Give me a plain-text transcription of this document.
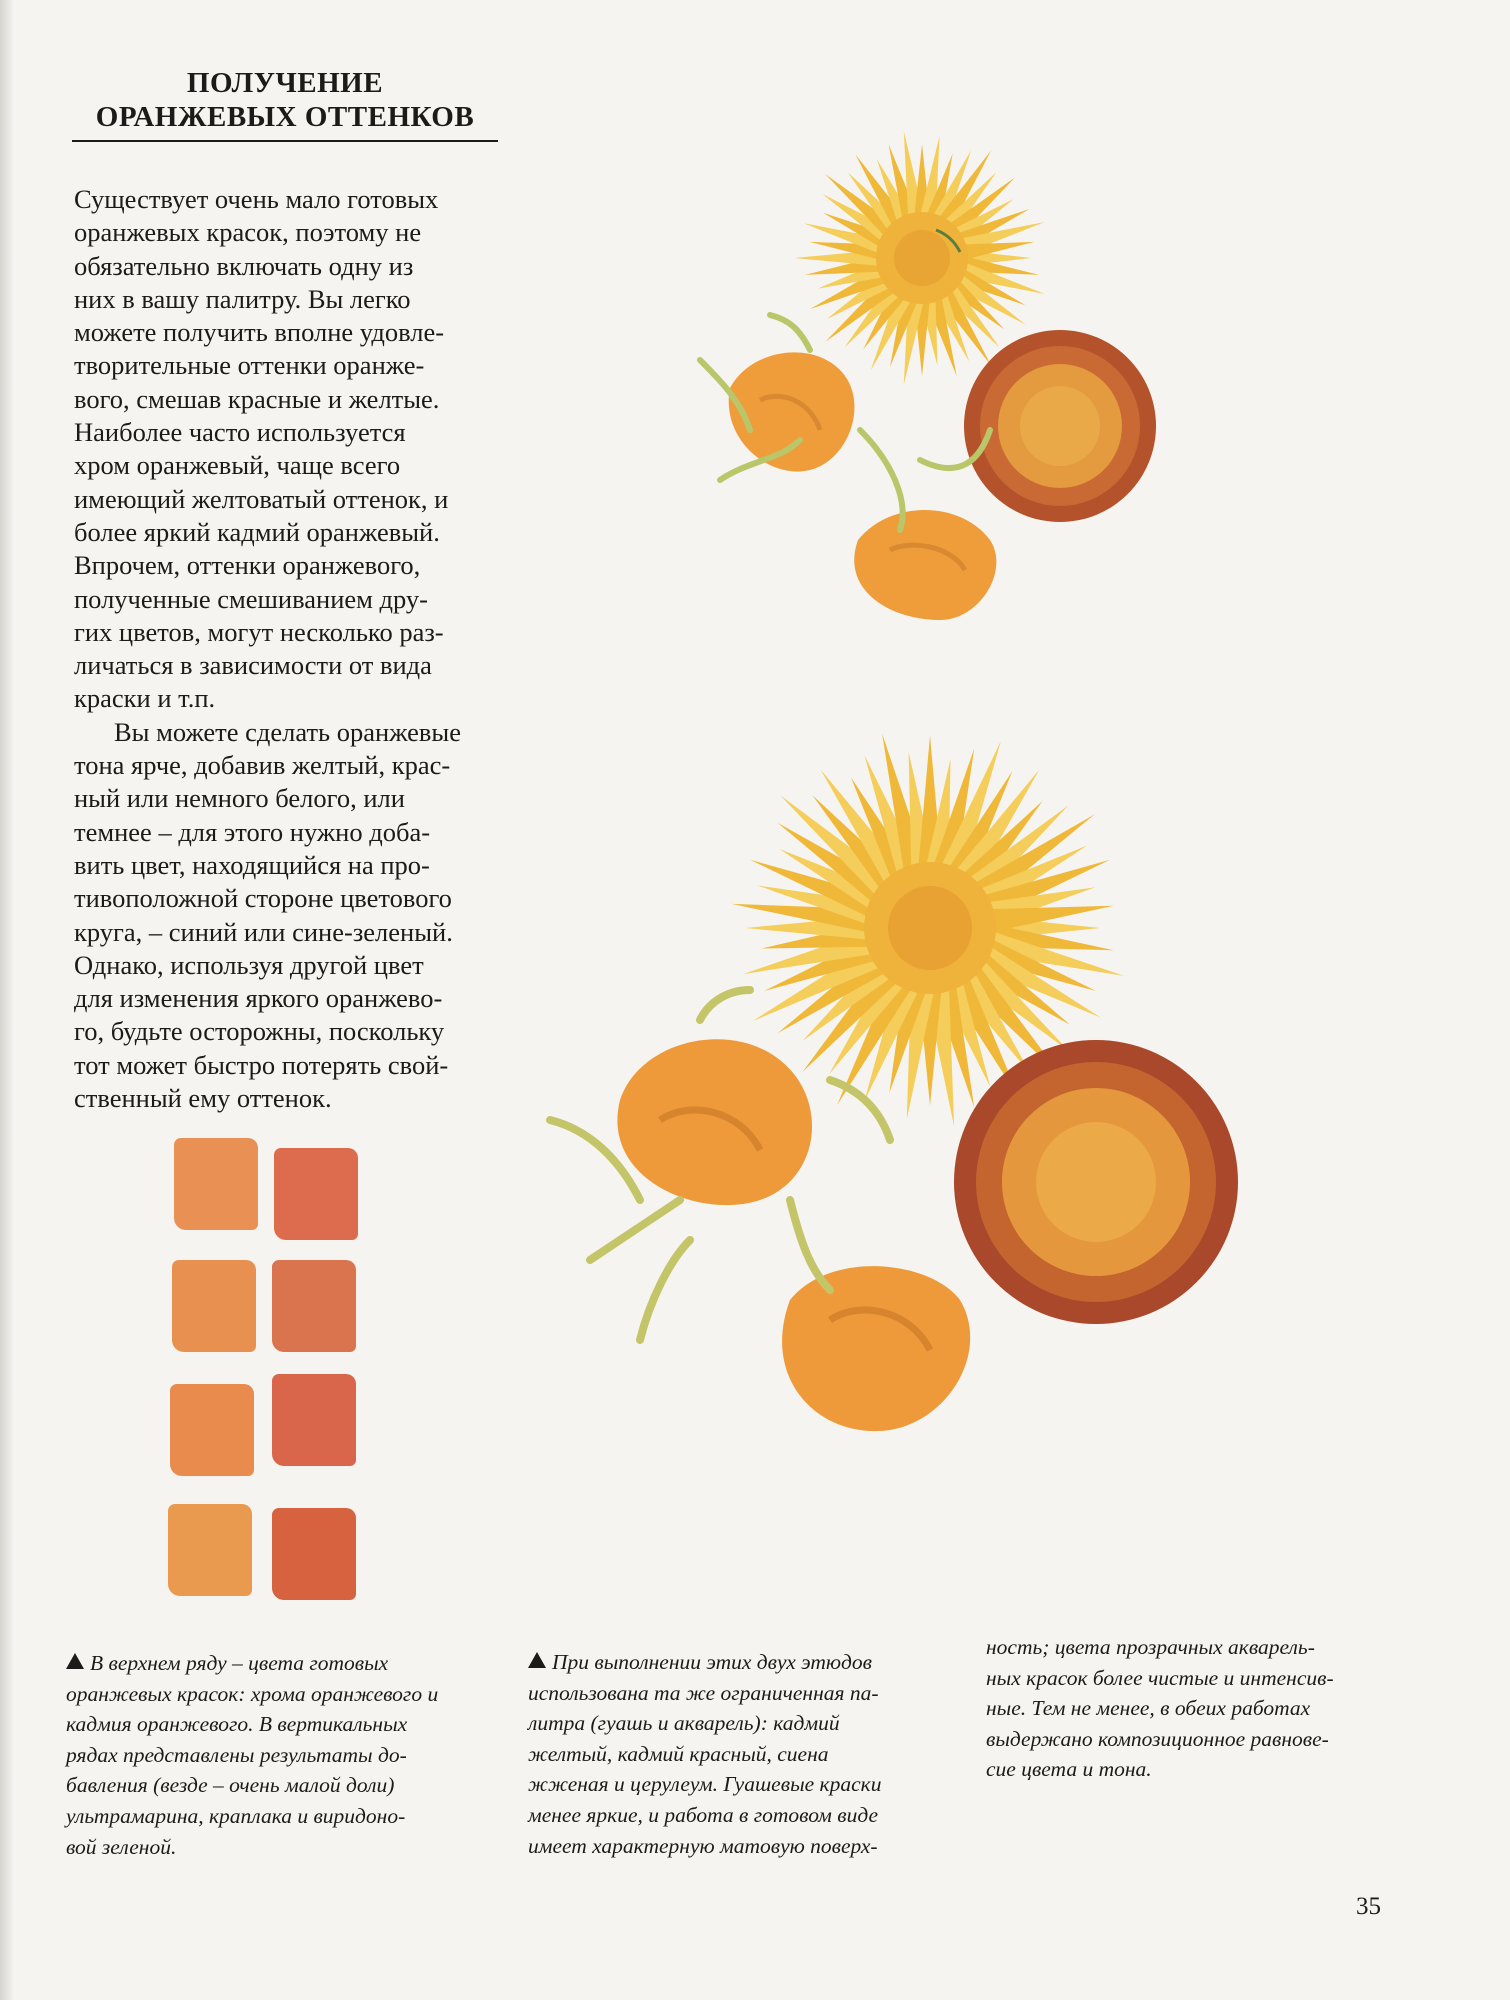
ПОЛУЧЕНИЕ
ОРАНЖЕВЫХ ОТТЕНКОВ

Существует очень мало готовых
оранжевых красок, поэтому не
обязательно включать одну из
них в вашу палитру. Вы легко
можете получить вполне удовле-
творительные оттенки оранже-
вого, смешав красные и желтые.
Наиболее часто используется
хром оранжевый, чаще всего
имеющий желтоватый оттенок, и
более яркий кадмий оранжевый.
Впрочем, оттенки оранжевого,
полученные смешиванием дру-
гих цветов, могут несколько раз-
личаться в зависимости от вида
краски и т.п.

Вы можете сделать оранжевые
тона ярче, добавив желтый, крас-
ный или немного белого, или
темнее – для этого нужно доба-
вить цвет, находящийся на про-
тивоположной стороне цветового
круга, – синий или сине-зеленый.
Однако, используя другой цвет
для изменения яркого оранжево-
го, будьте осторожны, поскольку
тот может быстро потерять свой-
ственный ему оттенок.

В верхнем ряду – цвета готовых
оранжевых красок: хрома оранжевого и
кадмия оранжевого. В вертикальных
рядах представлены результаты до-
бавления (везде – очень малой доли)
ультрамарина, краплака и виридоно-
вой зеленой.

При выполнении этих двух этюдов
использована та же ограниченная па-
литра (гуашь и акварель): кадмий
желтый, кадмий красный, сиена
жженая и церулеум. Гуашевые краски
менее яркие, и работа в готовом виде
имеет характерную матовую поверх-

ность; цвета прозрачных акварель-
ных красок более чистые и интенсив-
ные. Тем не менее, в обеих работах
выдержано композиционное равнове-
сие цвета и тона.

35
